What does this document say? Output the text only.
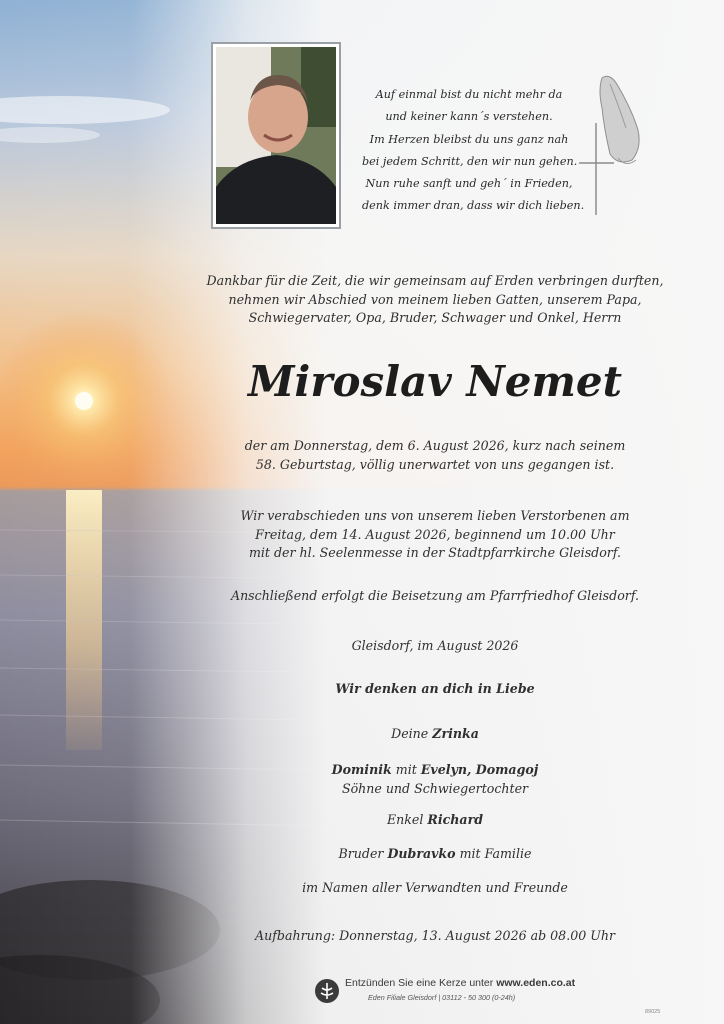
Auf einmal bist du nicht mehr da
und keiner kann´s verstehen.
Im Herzen bleibst du uns ganz nah
bei jedem Schritt, den wir nun gehen.
Nun ruhe sanft und geh´ in Frieden,
denk immer dran, dass wir dich lieben.
Dankbar für die Zeit, die wir gemeinsam auf Erden verbringen durften,
nehmen wir Abschied von meinem lieben Gatten, unserem Papa,
Schwiegervater, Opa, Bruder, Schwager und Onkel, Herrn
Miroslav Nemet
der am Donnerstag, dem 6. August 2026, kurz nach seinem
58. Geburtstag, völlig unerwartet von uns gegangen ist.
Wir verabschieden uns von unserem lieben Verstorbenen am
Freitag, dem 14. August 2026, beginnend um 10.00 Uhr
mit der hl. Seelenmesse in der Stadtpfarrkirche Gleisdorf.
Anschließend erfolgt die Beisetzung am Pfarrfriedhof Gleisdorf.
Gleisdorf, im August 2026
Wir denken an dich in Liebe
Deine Zrinka
Dominik mit Evelyn, Domagoj
Söhne und Schwiegertochter
Enkel Richard
Bruder Dubravko mit Familie
im Namen aller Verwandten und Freunde
Aufbahrung: Donnerstag, 13. August 2026 ab 08.00 Uhr
Entzünden Sie eine Kerze unter www.eden.co.at
Eden Filiale Gleisdorf | 03112 - 50 300 (0-24h)
89025
